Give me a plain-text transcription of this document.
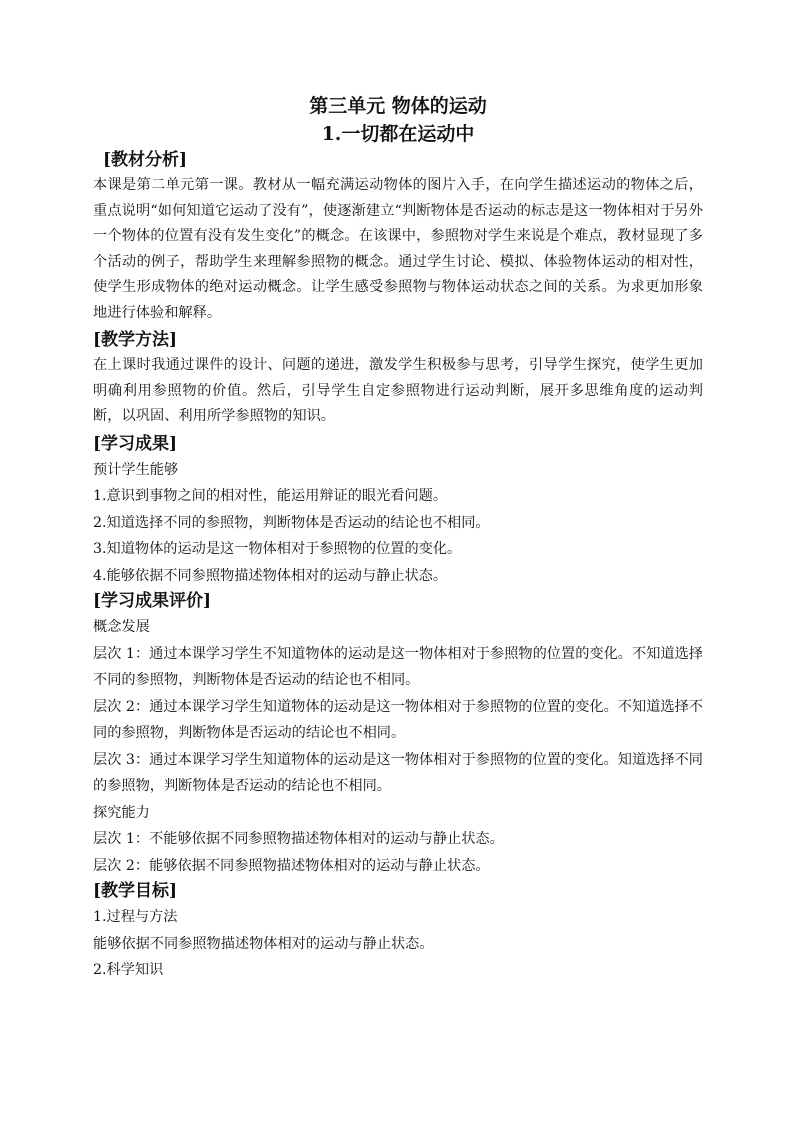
第三单元 物体的运动

1.一切都在运动中

[教材分析]

本课是第二单元第一课。教材从一幅充满运动物体的图片入手，在向学生描述运动的物体之后，重点说明“如何知道它运动了没有”，使逐渐建立“判断物体是否运动的标志是这一物体相对于另外一个物体的位置有没有发生变化”的概念。在该课中，参照物对学生来说是个难点，教材显现了多个活动的例子，帮助学生来理解参照物的概念。通过学生讨论、模拟、体验物体运动的相对性，使学生形成物体的绝对运动概念。让学生感受参照物与物体运动状态之间的关系。为求更加形象地进行体验和解释。

[教学方法]

在上课时我通过课件的设计、问题的递进，激发学生积极参与思考，引导学生探究，使学生更加明确利用参照物的价值。然后，引导学生自定参照物进行运动判断，展开多思维角度的运动判断，以巩固、利用所学参照物的知识。

[学习成果]

预计学生能够

1.意识到事物之间的相对性，能运用辩证的眼光看问题。

2.知道选择不同的参照物，判断物体是否运动的结论也不相同。

3.知道物体的运动是这一物体相对于参照物的位置的变化。

4.能够依据不同参照物描述物体相对的运动与静止状态。

[学习成果评价]

概念发展

层次 1：通过本课学习学生不知道物体的运动是这一物体相对于参照物的位置的变化。不知道选择不同的参照物，判断物体是否运动的结论也不相同。

层次 2：通过本课学习学生知道物体的运动是这一物体相对于参照物的位置的变化。不知道选择不同的参照物，判断物体是否运动的结论也不相同。

层次 3：通过本课学习学生知道物体的运动是这一物体相对于参照物的位置的变化。知道选择不同的参照物，判断物体是否运动的结论也不相同。

探究能力

层次 1：不能够依据不同参照物描述物体相对的运动与静止状态。

层次 2：能够依据不同参照物描述物体相对的运动与静止状态。

[教学目标]

1.过程与方法

能够依据不同参照物描述物体相对的运动与静止状态。

2.科学知识
